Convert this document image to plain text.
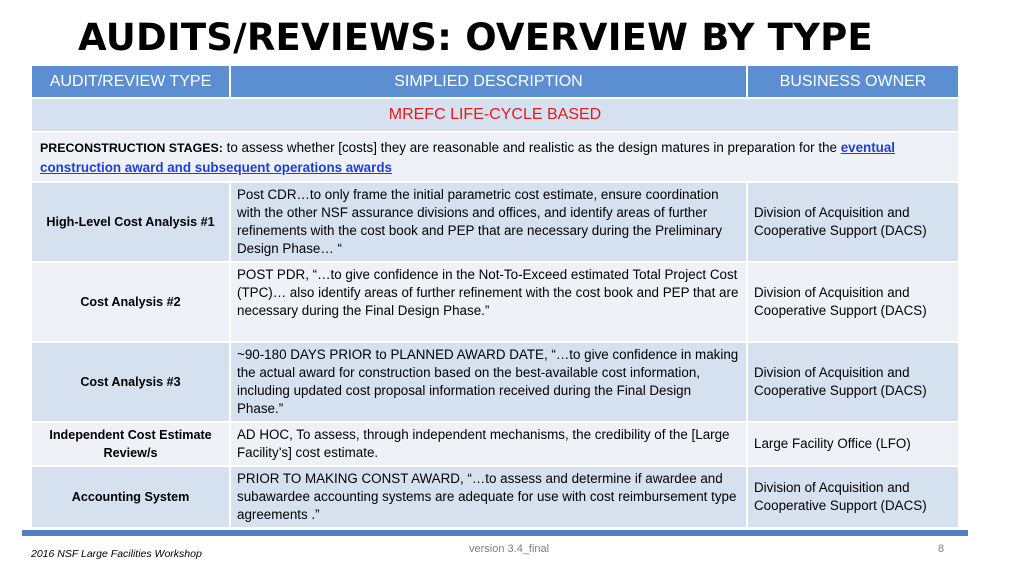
AUDITS/REVIEWS: OVERVIEW BY TYPE
AUDIT/REVIEW TYPE	SIMPLIED DESCRIPTION	BUSINESS OWNER
MREFC LIFE-CYCLE BASED		
PRECONSTRUCTION STAGES: to assess whether [costs] they are reasonable and realistic as the design matures in preparation for the eventual construction award and subsequent operations awards		
High-Level Cost Analysis #1	Post CDR…to only frame the initial parametric cost estimate, ensure coordination with the other NSF assurance divisions and offices, and identify areas of further refinements with the cost book and PEP that are necessary during the Preliminary Design Phase… “	Division of Acquisition and Cooperative Support (DACS)
Cost Analysis #2	POST PDR, “…to give confidence in the Not-To-Exceed estimated Total Project Cost (TPC)… also identify areas of further refinement with the cost book and PEP that are necessary during the Final Design Phase.”	Division of Acquisition and Cooperative Support (DACS)
Cost Analysis #3	~90-180 DAYS PRIOR to PLANNED AWARD DATE, “…to give confidence in making the actual award for construction based on the best-available cost information, including updated cost proposal information received during the Final Design Phase.”	Division of Acquisition and Cooperative Support (DACS)
Independent Cost Estimate Review/s	AD HOC, To assess, through independent mechanisms, the credibility of the [Large Facility’s] cost estimate.	Large Facility Office (LFO)
Accounting System	PRIOR TO MAKING CONST AWARD, “…to assess and determine if awardee and subawardee accounting systems are adequate for use with cost reimbursement type agreements .”	Division of Acquisition and Cooperative Support (DACS)
2016 NSF Large Facilities Workshop	version 3.4_final	8
